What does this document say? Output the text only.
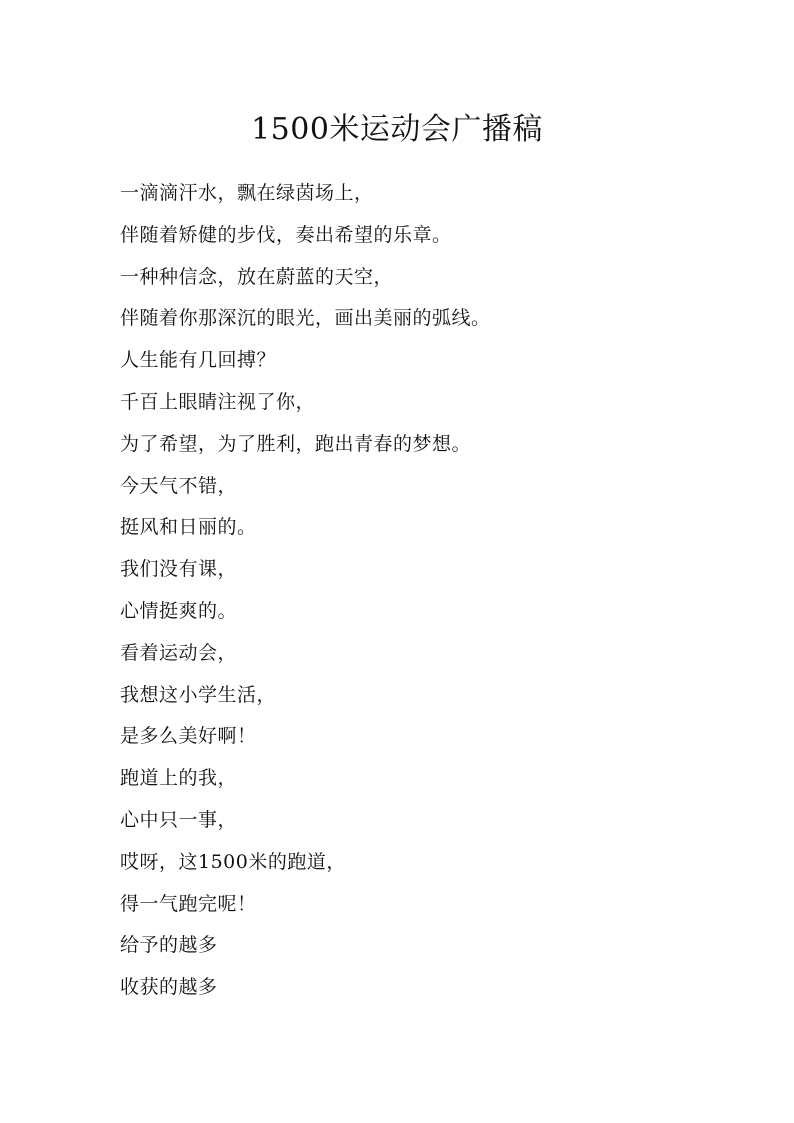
1500米运动会广播稿
一滴滴汗水，飘在绿茵场上，
伴随着矫健的步伐，奏出希望的乐章。
一种种信念，放在蔚蓝的天空，
伴随着你那深沉的眼光，画出美丽的弧线。
人生能有几回搏？
千百上眼睛注视了你，
为了希望，为了胜利，跑出青春的梦想。
今天气不错，
挺风和日丽的。
我们没有课，
心情挺爽的。
看着运动会，
我想这小学生活，
是多么美好啊！
跑道上的我，
心中只一事，
哎呀，这1500米的跑道，
得一气跑完呢！
给予的越多
收获的越多
